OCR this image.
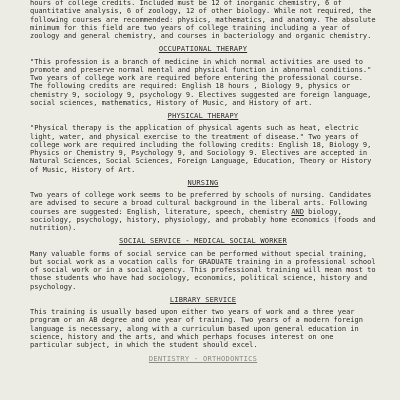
hours of college credits. Included must be 12 of inorganic chemistry, 6 of quantitative analysis, 6 of zoology, 12 of other biology. While not required, the following courses are recommended: physics, mathematics, and anatomy. The absolute minimum for this field are two years of college training including a year of zoology and general chemistry, and courses in bacteriology and organic chemistry.

OCCUPATIONAL THERAPY

"This profession is a branch of medicine in which normal activities are used to promote and preserve normal mental and physical function in abnormal conditions." Two years of college work are required before entering the professional course. The following credits are required: English 18 hours , Biology 9, physics or chemistry 9, sociology 9, psychology 9. Electives suggested are foreign language, social sciences, mathematics, History of Music, and History of art.

PHYSICAL THERAPY

"Physical therapy is the application of physical agents such as heat, electric light, water, and physical exercise to the treatment of disease." Two years of college work are required including the following credits: English 18, Biology 9, Physics or Chemistry 9, Psychology 9, and Sociology 9. Electives are accepted in Natural Sciences, Social Sciences, Foreign Language, Education, Theory or History of Music, History of Art.

NURSING

Two years of college work seems to be preferred by schools of nursing. Candidates are advised to secure a broad cultural background in the liberal arts. Following courses are suggested: English, literature, speech, chemistry AND biology, sociology, psychology, history, physiology, and probably home economics (foods and nutrition).

SOCIAL SERVICE - MEDICAL SOCIAL WORKER

Many valuable forms of social service can be performed without special training, but social work as a vocation calls for GRADUATE training in a professional school of social work or in a social agency. This professional training will mean most to those students who have had sociology, economics, political science, history and psychology.

LIBRARY SERVICE

This training is usually based upon either two years of work and a three year program or an AB degree and one year of training. Two years of a modern foreign language is necessary, along with a curriculum based upon general education in science, history and the arts, and which perhaps focuses interest on one particular subject, in which the student should excel.

DENTISTRY - ORTHODONTICS
